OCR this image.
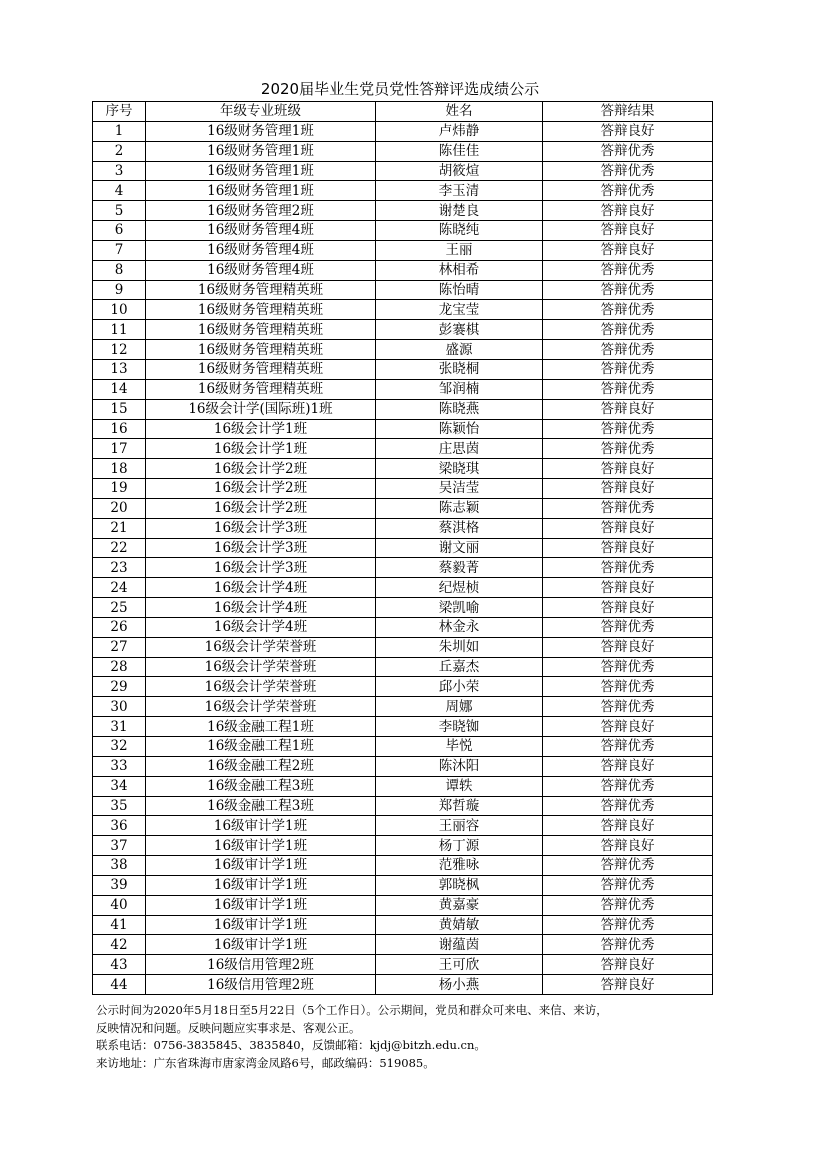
2020届毕业生党员党性答辩评选成绩公示
序号	年级专业班级	姓名	答辩结果
1	16级财务管理1班	卢炜静	答辩良好
2	16级财务管理1班	陈佳佳	答辩优秀
3	16级财务管理1班	胡筱煊	答辩优秀
4	16级财务管理1班	李玉清	答辩优秀
5	16级财务管理2班	谢楚良	答辩良好
6	16级财务管理4班	陈晓纯	答辩良好
7	16级财务管理4班	王丽	答辩良好
8	16级财务管理4班	林相希	答辩优秀
9	16级财务管理精英班	陈怡晴	答辩优秀
10	16级财务管理精英班	龙宝莹	答辩优秀
11	16级财务管理精英班	彭褰棋	答辩优秀
12	16级财务管理精英班	盛源	答辩优秀
13	16级财务管理精英班	张晓桐	答辩优秀
14	16级财务管理精英班	邹润楠	答辩优秀
15	16级会计学(国际班)1班	陈晓燕	答辩良好
16	16级会计学1班	陈颖怡	答辩优秀
17	16级会计学1班	庄思茵	答辩优秀
18	16级会计学2班	梁晓琪	答辩良好
19	16级会计学2班	吴洁莹	答辩良好
20	16级会计学2班	陈志颖	答辩优秀
21	16级会计学3班	蔡淇格	答辩良好
22	16级会计学3班	谢文丽	答辩良好
23	16级会计学3班	蔡毅菁	答辩优秀
24	16级会计学4班	纪煜桢	答辩良好
25	16级会计学4班	梁凯喻	答辩良好
26	16级会计学4班	林金永	答辩优秀
27	16级会计学荣誉班	朱圳如	答辩良好
28	16级会计学荣誉班	丘嘉杰	答辩优秀
29	16级会计学荣誉班	邱小荣	答辩优秀
30	16级会计学荣誉班	周娜	答辩优秀
31	16级金融工程1班	李晓铷	答辩良好
32	16级金融工程1班	毕悦	答辩优秀
33	16级金融工程2班	陈沐阳	答辩良好
34	16级金融工程3班	谭轶	答辩优秀
35	16级金融工程3班	郑哲璇	答辩优秀
36	16级审计学1班	王丽容	答辩良好
37	16级审计学1班	杨丁源	答辩良好
38	16级审计学1班	范雅咏	答辩优秀
39	16级审计学1班	郭晓枫	答辩优秀
40	16级审计学1班	黄嘉豪	答辩优秀
41	16级审计学1班	黄婧敏	答辩优秀
42	16级审计学1班	谢蕴茵	答辩优秀
43	16级信用管理2班	王可欣	答辩良好
44	16级信用管理2班	杨小燕	答辩良好

公示时间为2020年5月18日至5月22日（5个工作日）。公示期间，党员和群众可来电、来信、来访，

反映情况和问题。反映问题应实事求是、客观公正。

联系电话：0756-3835845、3835840，反馈邮箱：kjdj@bitzh.edu.cn。

来访地址：广东省珠海市唐家湾金凤路6号，邮政编码：519085。
